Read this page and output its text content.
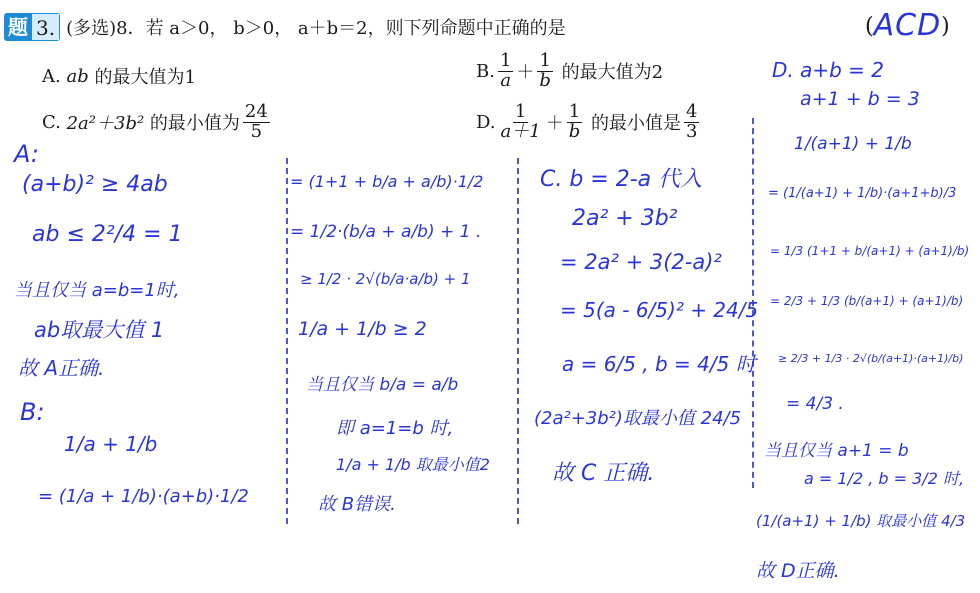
题 3. (多选)8．若 a＞0， b＞0， a＋b＝2，则下列命题中正确的是	(ACD)
A.
ab
的最大值为1	B. $\frac{1}{a} + \frac{1}{b}$
的最大值为2
C.
2a²＋3b²
的最小值为 $\frac{24}{5}$	D. $\frac{1}{a+1} + \frac{1}{b}$
的最小值是 $\frac{4}{3}$
A:
(a+b)² ≥ 4ab
ab ≤ 2²/4 = 1
当且仅当 a=b=1时,
ab取最大值 1
故 A正确.
B:
1/a + 1/b
= (1/a + 1/b)·(a+b)·1/2
= (1+1 + b/a + a/b)·1/2
= 1/2·(b/a + a/b) + 1 .
≥ 1/2 · 2√(b/a·a/b) + 1
1/a + 1/b ≥ 2
当且仅当 b/a = a/b
即 a=1=b 时,
1/a + 1/b 取最小值2
故 B错误.
C. b = 2-a 代入
2a² + 3b²
= 2a² + 3(2-a)²
= 5(a - 6/5)² + 24/5
a = 6/5 , b = 4/5 时
(2a²+3b²)取最小值 24/5
故 C 正确.
D. a+b = 2
a+1 + b = 3
1/(a+1) + 1/b
= (1/(a+1) + 1/b)·(a+1+b)/3
= 1/3 (1+1 + b/(a+1) + (a+1)/b)
= 2/3 + 1/3 (b/(a+1) + (a+1)/b)
≥ 2/3 + 1/3 · 2√(b/(a+1)·(a+1)/b)
= 4/3 .
当且仅当 a+1 = b
a = 1/2 , b = 3/2 时,
(1/(a+1) + 1/b) 取最小值 4/3
故 D正确.
